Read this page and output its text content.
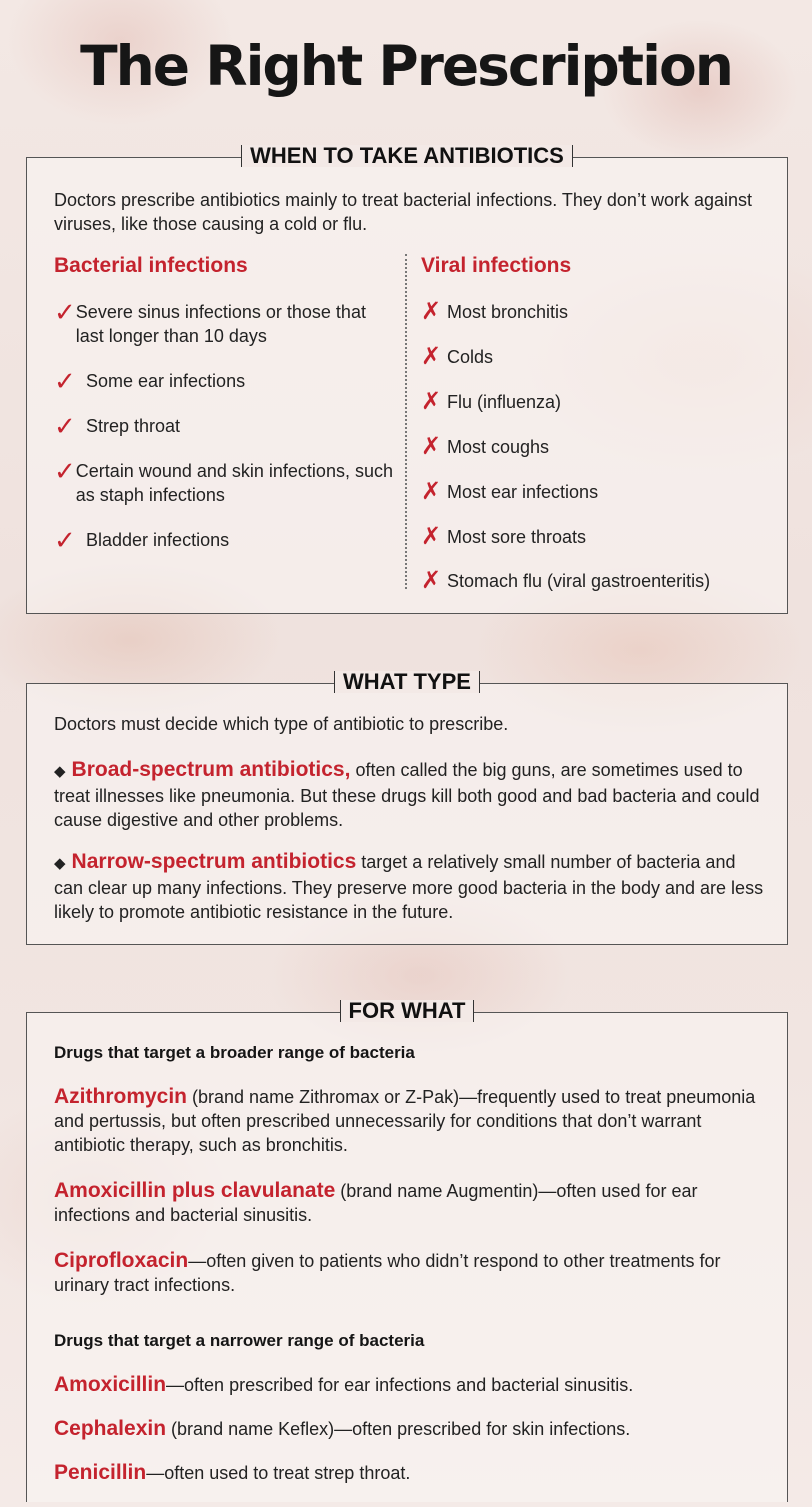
The Right Prescription
WHEN TO TAKE ANTIBIOTICS
Doctors prescribe antibiotics mainly to treat bacterial infections. They don’t work against viruses, like those causing a cold or flu.
Bacterial infections	Viral infections
✓ Severe sinus infections or those that last longer than 10 days
✓ Some ear infections
✓ Strep throat
✓ Certain wound and skin infections, such as staph infections
✓ Bladder infections
✗ Most bronchitis
✗ Colds
✗ Flu (influenza)
✗ Most coughs
✗ Most ear infections
✗ Most sore throats
✗ Stomach flu (viral gastroenteritis)
WHAT TYPE
Doctors must decide which type of antibiotic to prescribe.
◆ Broad-spectrum antibiotics, often called the big guns, are sometimes used to treat illnesses like pneumonia. But these drugs kill both good and bad bacteria and could cause digestive and other problems.
◆ Narrow-spectrum antibiotics target a relatively small number of bacteria and can clear up many infections. They preserve more good bacteria in the body and are less likely to promote antibiotic resistance in the future.
FOR WHAT
Drugs that target a broader range of bacteria
Azithromycin (brand name Zithromax or Z-Pak)—frequently used to treat pneumonia and pertussis, but often prescribed unnecessarily for conditions that don’t warrant antibiotic therapy, such as bronchitis.
Amoxicillin plus clavulanate (brand name Augmentin)—often used for ear infections and bacterial sinusitis.
Ciprofloxacin—often given to patients who didn’t respond to other treatments for urinary tract infections.
Drugs that target a narrower range of bacteria
Amoxicillin—often prescribed for ear infections and bacterial sinusitis.
Cephalexin (brand name Keflex)—often prescribed for skin infections.
Penicillin—often used to treat strep throat.
